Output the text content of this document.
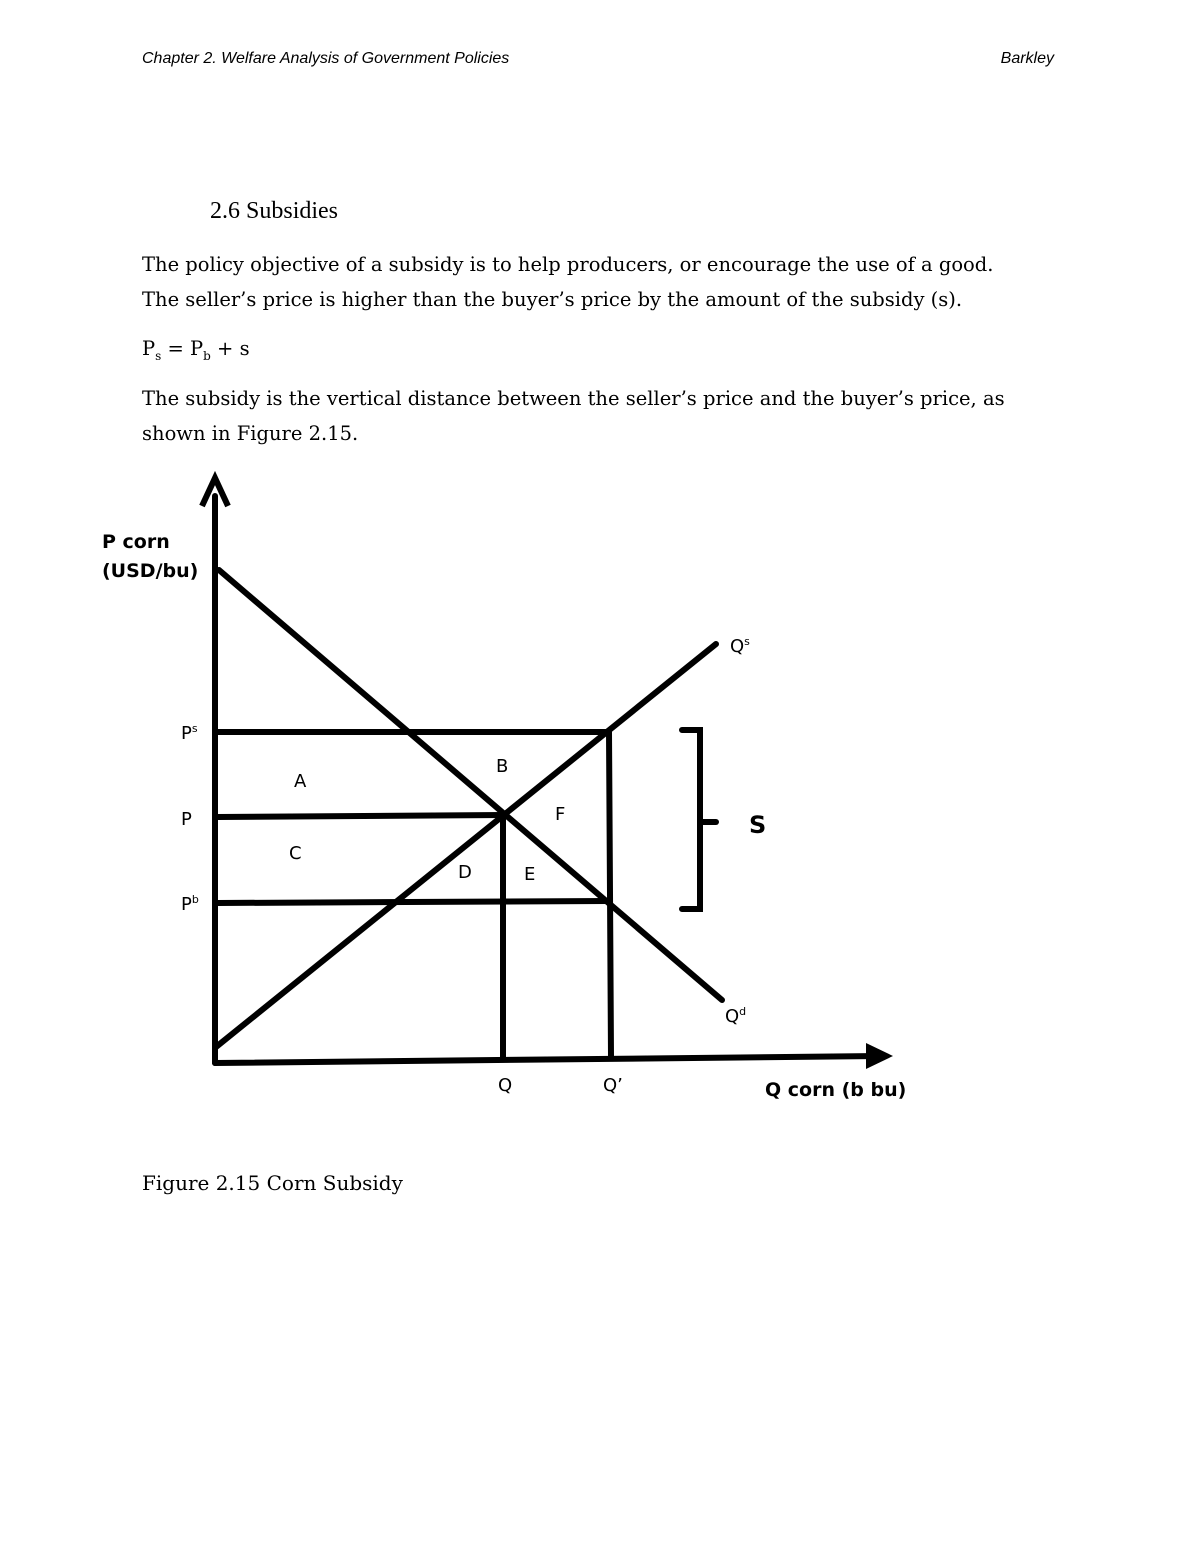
Chapter 2. Welfare Analysis of Government Policies	Barkley
2.6 Subsidies

The policy objective of a subsidy is to help producers, or encourage the use of a good.
The seller’s price is higher than the buyer’s price by the amount of the subsidy (s).

$P_s = P_b + s$

The subsidy is the vertical distance between the seller’s price and the buyer’s price, as
shown in Figure 2.15.

P corn
(USD/bu)
Q corn (b bu)
$P^s$
P
$P^b$
Q	Q’
$Q^s$
$Q^d$
A
B
C
D	E
F	S

Figure 2.15 Corn Subsidy
